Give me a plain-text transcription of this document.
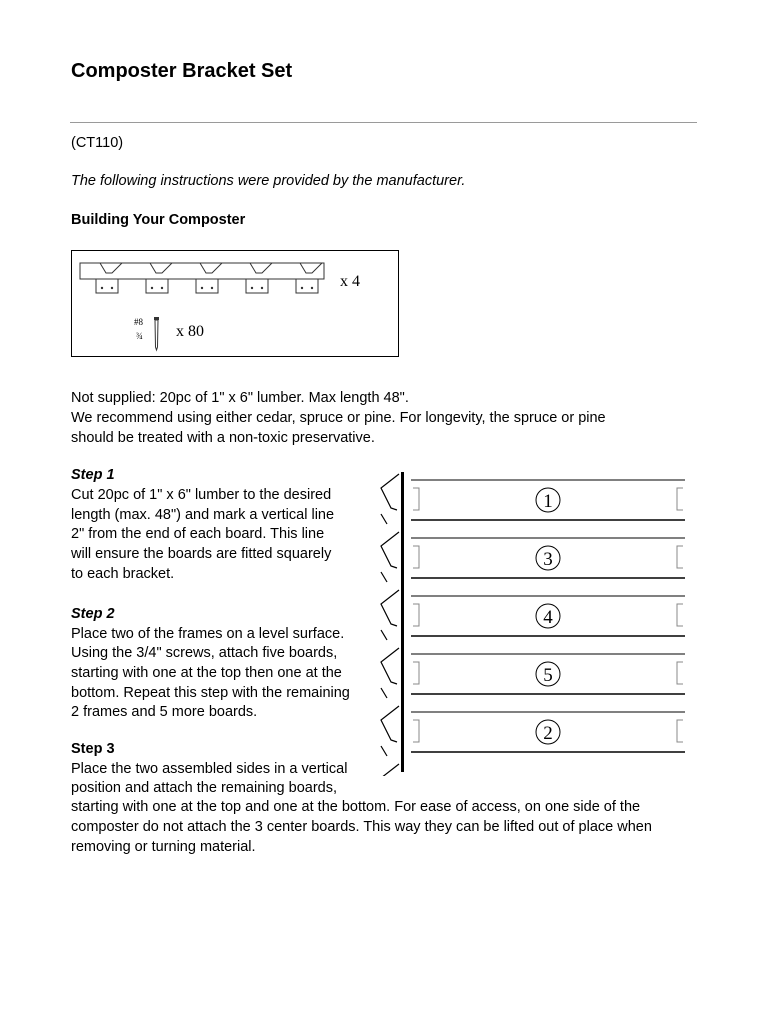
Composter Bracket Set

(CT110)

The following instructions were provided by the manufacturer.

Building Your Composter

x 4
#8
¾ x 80

Not supplied: 20pc of 1" x 6" lumber. Max length 48".

We recommend using either cedar, spruce or pine. For longevity, the spruce or pine

should be treated with a non-toxic preservative.

Step 1

Cut 20pc of 1" x 6" lumber to the desired

length (max. 48") and mark a vertical line

2" from the end of each board. This line

will ensure the boards are fitted squarely

to each bracket.

Step 2

Place two of the frames on a level surface.

Using the 3/4" screws, attach five boards,

starting with one at the top then one at the

bottom. Repeat this step with the remaining

2 frames and 5 more boards.

Step 3

Place the two assembled sides in a vertical

position and attach the remaining boards,

starting with one at the top and one at the bottom. For ease of access, on one side of the

composter do not attach the 3 center boards. This way they can be lifted out of place when

removing or turning material.

1
3
4
5
2
